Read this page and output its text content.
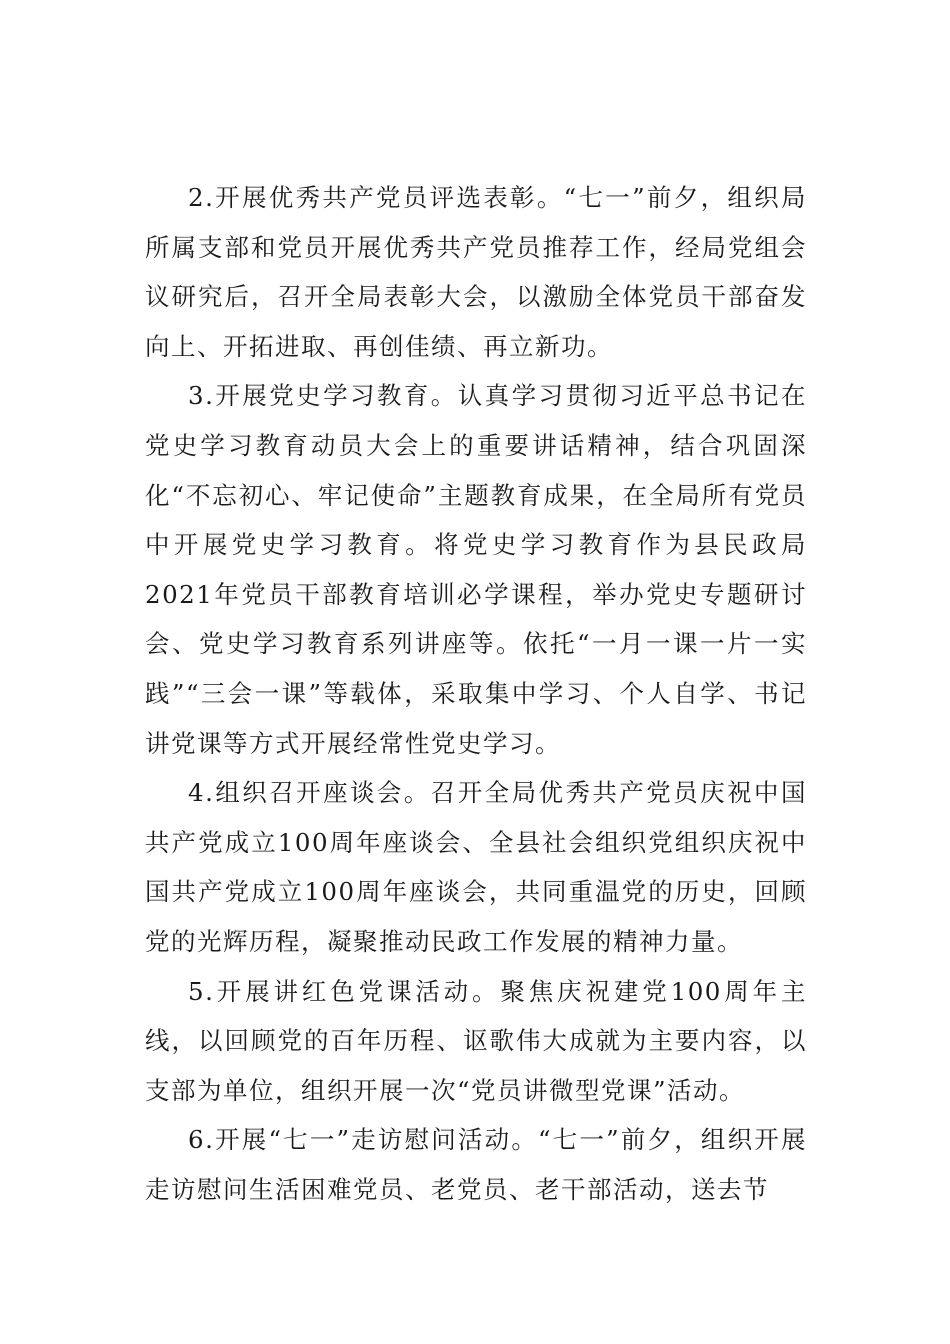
2.开展优秀共产党员评选表彰。“七一”前夕，组织局所属支部和党员开展优秀共产党员推荐工作，经局党组会议研究后，召开全局表彰大会，以激励全体党员干部奋发向上、开拓进取、再创佳绩、再立新功。

3.开展党史学习教育。认真学习贯彻习近平总书记在党史学习教育动员大会上的重要讲话精神，结合巩固深化“不忘初心、牢记使命”主题教育成果，在全局所有党员中开展党史学习教育。将党史学习教育作为县民政局2021年党员干部教育培训必学课程，举办党史专题研讨会、党史学习教育系列讲座等。依托“一月一课一片一实践”“三会一课”等载体，采取集中学习、个人自学、书记讲党课等方式开展经常性党史学习。

4.组织召开座谈会。召开全局优秀共产党员庆祝中国共产党成立100周年座谈会、全县社会组织党组织庆祝中国共产党成立100周年座谈会，共同重温党的历史，回顾党的光辉历程，凝聚推动民政工作发展的精神力量。

5.开展讲红色党课活动。聚焦庆祝建党100周年主线，以回顾党的百年历程、讴歌伟大成就为主要内容，以支部为单位，组织开展一次“党员讲微型党课”活动。

6.开展“七一”走访慰问活动。“七一”前夕，组织开展走访慰问生活困难党员、老党员、老干部活动，送去节
